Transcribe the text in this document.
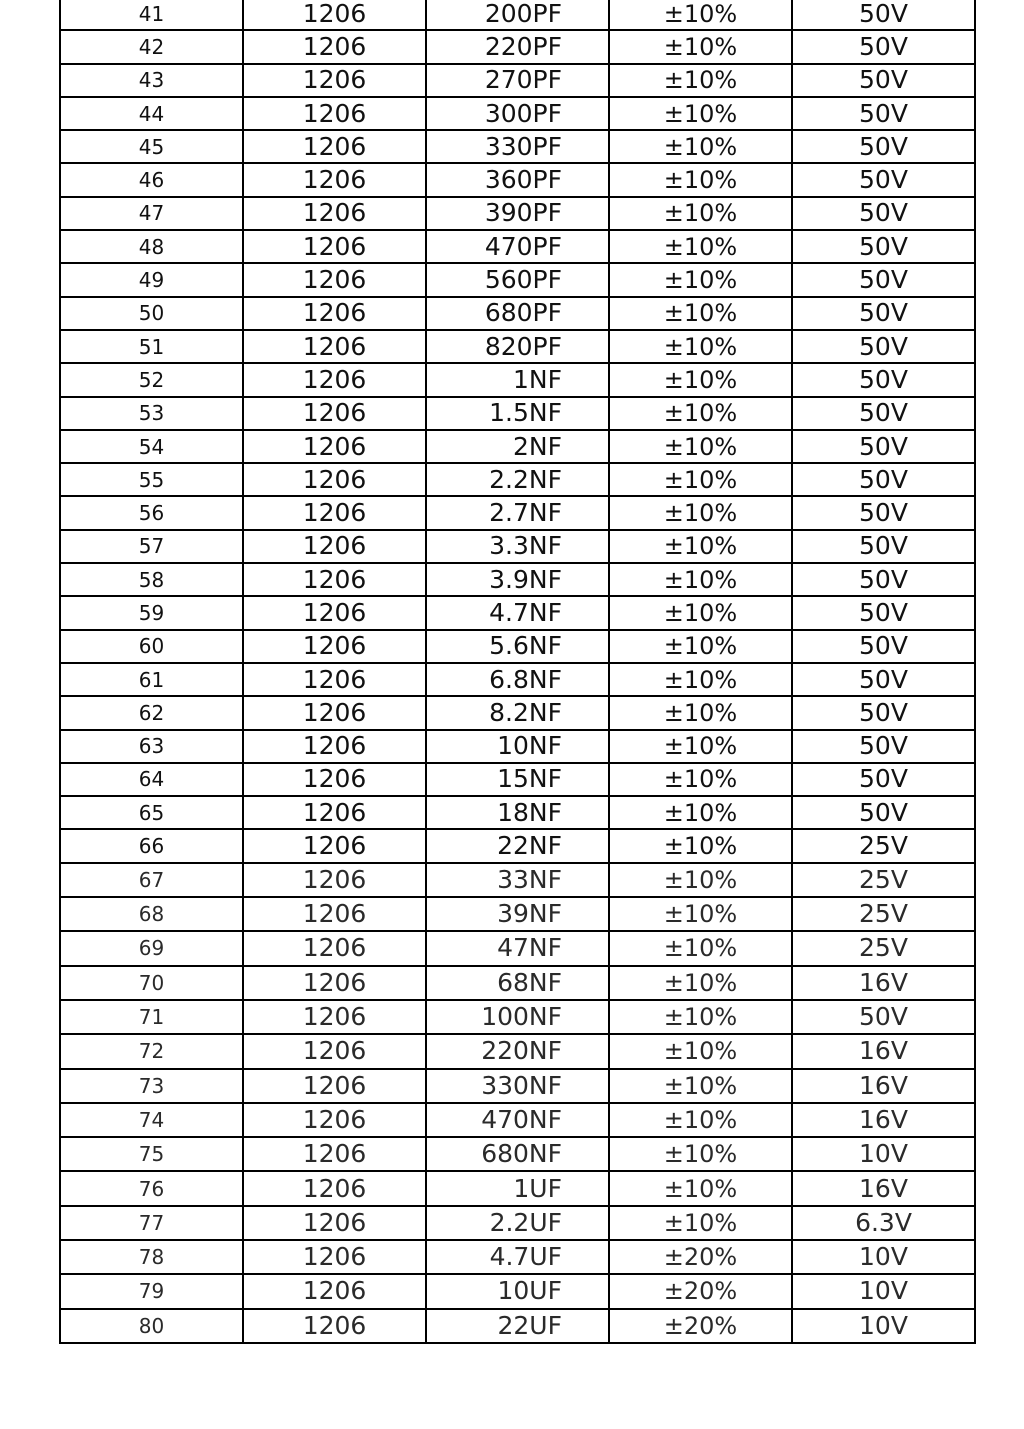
41	1206	200PF	±10%	50V
42	1206	220PF	±10%	50V
43	1206	270PF	±10%	50V
44	1206	300PF	±10%	50V
45	1206	330PF	±10%	50V
46	1206	360PF	±10%	50V
47	1206	390PF	±10%	50V
48	1206	470PF	±10%	50V
49	1206	560PF	±10%	50V
50	1206	680PF	±10%	50V
51	1206	820PF	±10%	50V
52	1206	1NF	±10%	50V
53	1206	1.5NF	±10%	50V
54	1206	2NF	±10%	50V
55	1206	2.2NF	±10%	50V
56	1206	2.7NF	±10%	50V
57	1206	3.3NF	±10%	50V
58	1206	3.9NF	±10%	50V
59	1206	4.7NF	±10%	50V
60	1206	5.6NF	±10%	50V
61	1206	6.8NF	±10%	50V
62	1206	8.2NF	±10%	50V
63	1206	10NF	±10%	50V
64	1206	15NF	±10%	50V
65	1206	18NF	±10%	50V
66	1206	22NF	±10%	25V
67	1206	33NF	±10%	25V
68	1206	39NF	±10%	25V
69	1206	47NF	±10%	25V
70	1206	68NF	±10%	16V
71	1206	100NF	±10%	50V
72	1206	220NF	±10%	16V
73	1206	330NF	±10%	16V
74	1206	470NF	±10%	16V
75	1206	680NF	±10%	10V
76	1206	1UF	±10%	16V
77	1206	2.2UF	±10%	6.3V
78	1206	4.7UF	±20%	10V
79	1206	10UF	±20%	10V
80	1206	22UF	±20%	10V
